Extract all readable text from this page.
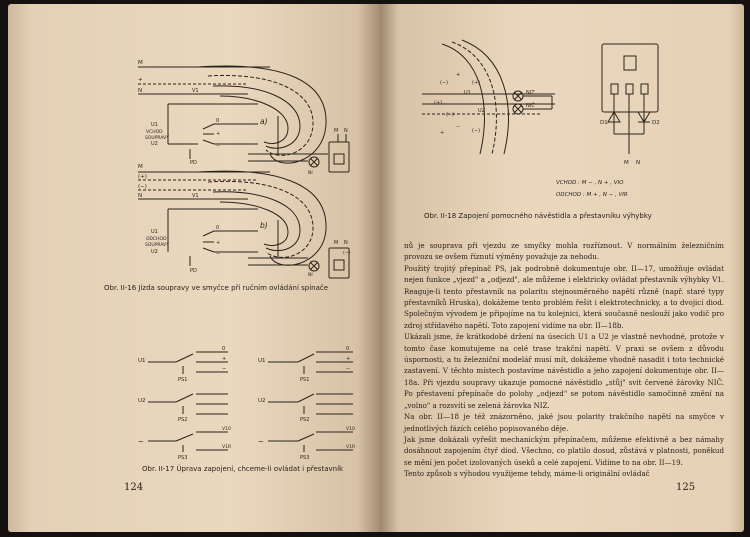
M
+
N
a)
V1
U1
VCHOD
SOUPRAVY
U2
PD
0
+
−
M N
NI
M
(+)
(−)
N
b)
V1
U1
ODCHOD
SOUPRAVY
U2
PD
0
+
−
M N
(−)
NI
Obr. II-16 Jízda soupravy ve smyčce při ručním ovládání spínače
U1
PS1
U2
PS2
~
PS3
0
+
−
V10
V1R
U1
PS1
U2
PS2
~
PS3
0
+
−
V10
V1R
Obr. II-17 Úprava zapojení, chceme-li ovládat i přestavník
124
(−)
+
(+)
(+)
(−)
−
+	(−)
U1
U2
NIZ
NIČ
D1	D2
M N
VCHOD : M − , N + , VIO
ODCHOD : M + , N − , VIR
Obr. II-18 Zapojení pomocného návěstidla a přestavníku výhybky

nů je souprava při vjezdu ze smyčky mohla rozříznout. V normálním železničním provozu se ovšem říznutí výměny považuje za nehodu.

Použitý trojitý přepínač PS, jak podrobně dokumentuje obr. II—17, umožňuje ovládat nejen funkce „vjezd" a „odjezd", ale můžeme i elektricky ovládat přestavník výhybky V1. Reaguje-li tento přestavník na polaritu stejnosměrného napětí různě (např. staré typy přestavníků Hruska), dokážeme tento problém řešit i elektrotechnicky, a to dvojicí diod. Společným vývodem je připojíme na tu kolejnici, která současně neslouží jako vodič pro zdroj střídavého napětí. Toto zapojení vidíme na obr. II—18b.

Ukázali jsme, že krátkodobé držení na úsecích U1 a U2 je vlastně nevhodné, protože v tomto čase komutujeme na celé trase trakční napětí. V praxi se ovšem z důvodu úspornosti, a tu železniční modelář musí mít, dokážeme vhodně nasadit i toto technické zastavení. V těchto místech postavíme návěstidlo a jeho zapojení dokumentuje obr. II—18a. Při vjezdu soupravy ukazuje pomocné návěstidlo „stůj" svit červené žárovky NIČ. Po přestavení přepínače do polohy „odjezd" se potom návěstidlo samočinně změní na „volno" a rozsvítí se zelená žárovka NIZ.

Na obr. II—18 je též znázorněno, jaké jsou polarity trakčního napětí na smyčce v jednotlivých fázích celého popisovaného děje.

Jak jsme dokázali vyřešit mechanickým přepínačem, můžeme efektivně a bez námahy dosáhnout zapojením čtyř diod. Všechno, co platilo dosud, zůstává v platnosti, poněkud se mění jen počet izolovaných úseků a celé zapojení. Vidíme to na obr. II—19.

Tento způsob s výhodou využijeme tehdy, máme-li originální ovládač

125
